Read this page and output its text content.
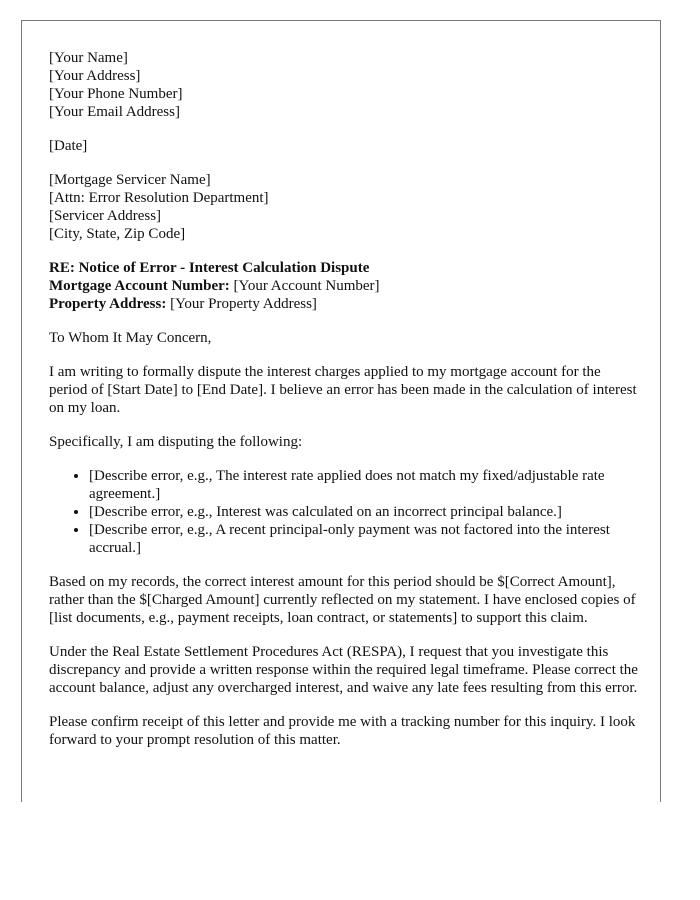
[Your Name]
[Your Address]
[Your Phone Number]
[Your Email Address]
[Date]
[Mortgage Servicer Name]
[Attn: Error Resolution Department]
[Servicer Address]
[City, State, Zip Code]
RE: Notice of Error - Interest Calculation Dispute
Mortgage Account Number: [Your Account Number]
Property Address: [Your Property Address]

To Whom It May Concern,

I am writing to formally dispute the interest charges applied to my mortgage account for the period of [Start Date] to [End Date]. I believe an error has been made in the calculation of interest on my loan.

Specifically, I am disputing the following:

• [Describe error, e.g., The interest rate applied does not match my fixed/adjustable rate agreement.]
• [Describe error, e.g., Interest was calculated on an incorrect principal balance.]
• [Describe error, e.g., A recent principal-only payment was not factored into the interest accrual.]

Based on my records, the correct interest amount for this period should be $[Correct Amount], rather than the $[Charged Amount] currently reflected on my statement. I have enclosed copies of [list documents, e.g., payment receipts, loan contract, or statements] to support this claim.

Under the Real Estate Settlement Procedures Act (RESPA), I request that you investigate this discrepancy and provide a written response within the required legal timeframe. Please correct the account balance, adjust any overcharged interest, and waive any late fees resulting from this error.

Please confirm receipt of this letter and provide me with a tracking number for this inquiry. I look forward to your prompt resolution of this matter.
